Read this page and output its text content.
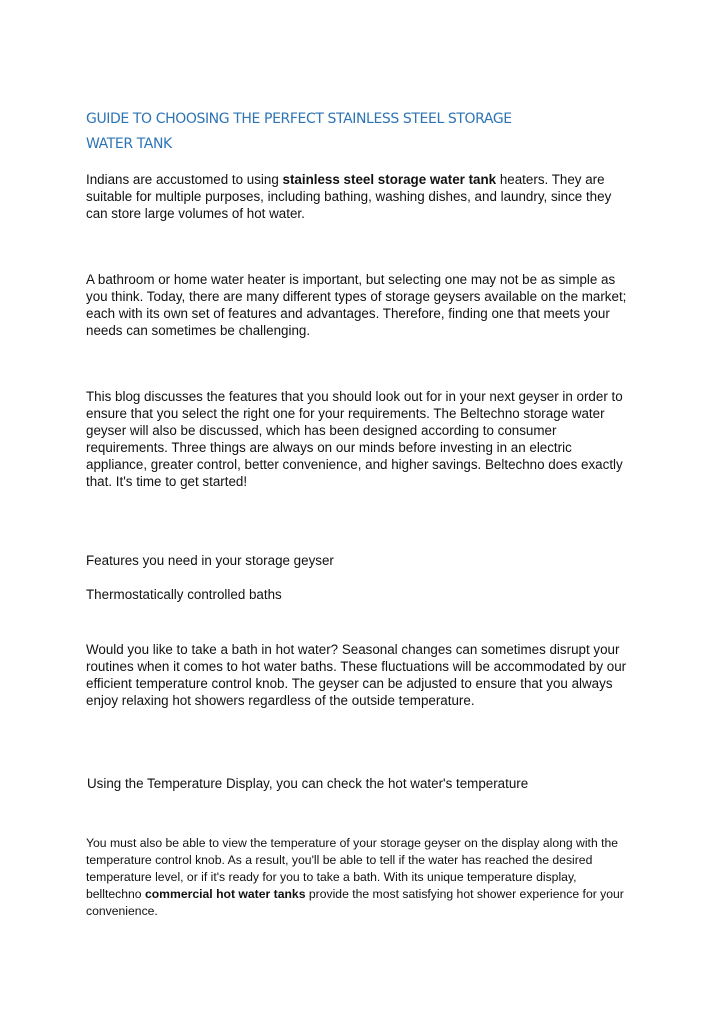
GUIDE TO CHOOSING THE PERFECT STAINLESS STEEL STORAGE
WATER TANK
Indians are accustomed to using stainless steel storage water tank heaters. They are suitable for multiple purposes, including bathing, washing dishes, and laundry, since they can store large volumes of hot water.
A bathroom or home water heater is important, but selecting one may not be as simple as you think. Today, there are many different types of storage geysers available on the market; each with its own set of features and advantages. Therefore, finding one that meets your needs can sometimes be challenging.
This blog discusses the features that you should look out for in your next geyser in order to ensure that you select the right one for your requirements. The Beltechno storage water geyser will also be discussed, which has been designed according to consumer requirements. Three things are always on our minds before investing in an electric appliance, greater control, better convenience, and higher savings. Beltechno does exactly that. It's time to get started!
Features you need in your storage geyser
Thermostatically controlled baths
Would you like to take a bath in hot water? Seasonal changes can sometimes disrupt your routines when it comes to hot water baths. These fluctuations will be accommodated by our efficient temperature control knob. The geyser can be adjusted to ensure that you always enjoy relaxing hot showers regardless of the outside temperature.
Using the Temperature Display, you can check the hot water's temperature
You must also be able to view the temperature of your storage geyser on the display along with the temperature control knob. As a result, you'll be able to tell if the water has reached the desired temperature level, or if it's ready for you to take a bath. With its unique temperature display, belltechno commercial hot water tanks provide the most satisfying hot shower experience for your convenience.
